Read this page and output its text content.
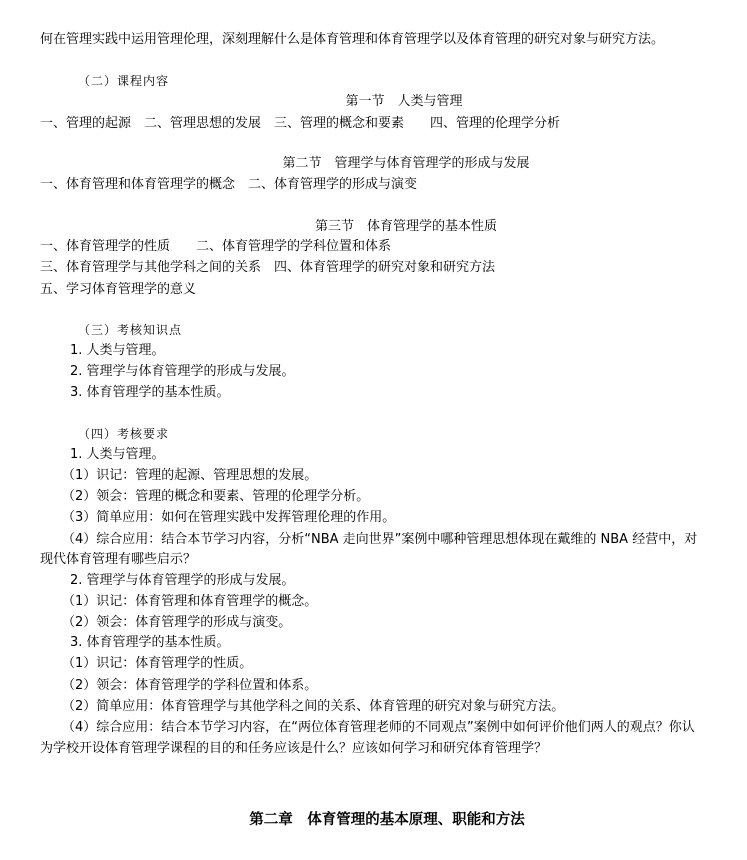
何在管理实践中运用管理伦理，深刻理解什么是体育管理和体育管理学以及体育管理的研究对象与研究方法。
（二）课程内容
第一节　人类与管理
一、管理的起源　二、管理思想的发展　三、管理的概念和要素　　四、管理的伦理学分析
第二节　管理学与体育管理学的形成与发展
一、体育管理和体育管理学的概念　二、体育管理学的形成与演变
第三节　体育管理学的基本性质
一、体育管理学的性质　　二、体育管理学的学科位置和体系
三、体育管理学与其他学科之间的关系　四、体育管理学的研究对象和研究方法
五、学习体育管理学的意义
（三）考核知识点
1. 人类与管理。
2. 管理学与体育管理学的形成与发展。
3. 体育管理学的基本性质。
（四）考核要求
1. 人类与管理。
（1）识记：管理的起源、管理思想的发展。
（2）领会：管理的概念和要素、管理的伦理学分析。
（3）简单应用：如何在管理实践中发挥管理伦理的作用。
（4）综合应用：结合本节学习内容，分析“NBA 走向世界”案例中哪种管理思想体现在戴维的 NBA 经营中，对
现代体育管理有哪些启示？
2. 管理学与体育管理学的形成与发展。
（1）识记：体育管理和体育管理学的概念。
（2）领会：体育管理学的形成与演变。
3. 体育管理学的基本性质。
（1）识记：体育管理学的性质。
（2）领会：体育管理学的学科位置和体系。
（2）简单应用：体育管理学与其他学科之间的关系、体育管理的研究对象与研究方法。
（4）综合应用：结合本节学习内容，在“两位体育管理老师的不同观点”案例中如何评价他们两人的观点？你认
为学校开设体育管理学课程的目的和任务应该是什么？应该如何学习和研究体育管理学？
第二章　体育管理的基本原理、职能和方法
